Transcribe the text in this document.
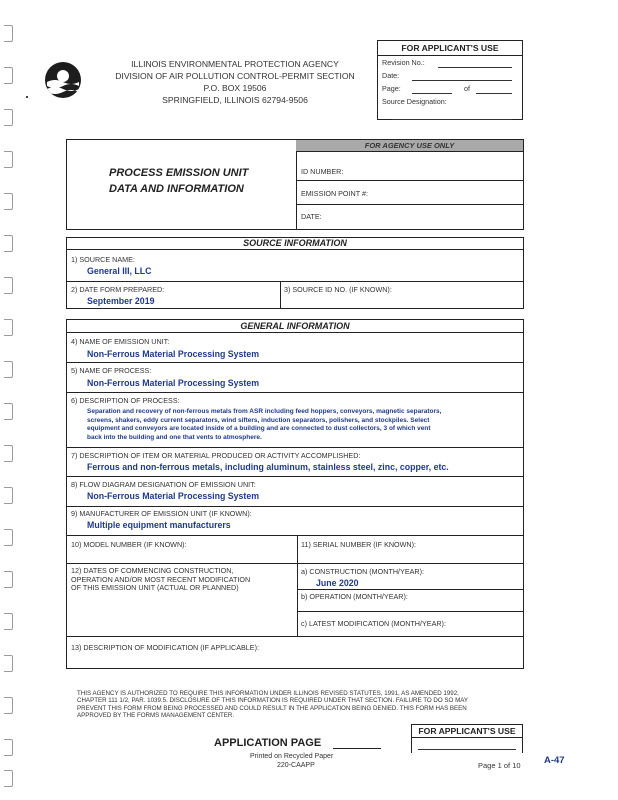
ILLINOIS ENVIRONMENTAL PROTECTION AGENCY
DIVISION OF AIR POLLUTION CONTROL-PERMIT SECTION
P.O. BOX 19506
SPRINGFIELD, ILLINOIS 62794-9506
FOR APPLICANT'S USE
Revision No.:
Date:
Page:	of
Source Designation:
PROCESS EMISSION UNIT
DATA AND INFORMATION
FOR AGENCY USE ONLY
ID NUMBER:
EMISSION POINT #:
DATE:
SOURCE INFORMATION
1) SOURCE NAME:
General III, LLC
2) DATE FORM PREPARED:
September 2019
3) SOURCE ID NO. (IF KNOWN):
GENERAL INFORMATION
4) NAME OF EMISSION UNIT:
Non-Ferrous Material Processing System
5) NAME OF PROCESS:
Non-Ferrous Material Processing System
6) DESCRIPTION OF PROCESS:
Separation and recovery of non-ferrous metals from ASR including feed hoppers, conveyors, magnetic separators,
screens, shakers, eddy current separators, wind sifters, induction separators, polishers, and stockpiles. Select
equipment and conveyors are located inside of a building and are connected to dust collectors, 3 of which vent
back into the building and one that vents to atmosphere.
7) DESCRIPTION OF ITEM OR MATERIAL PRODUCED OR ACTIVITY ACCOMPLISHED:
Ferrous and non-ferrous metals, including aluminum, stainless steel, zinc, copper, etc.
8) FLOW DIAGRAM DESIGNATION OF EMISSION UNIT:
Non-Ferrous Material Processing System
9) MANUFACTURER OF EMISSION UNIT (IF KNOWN):
Multiple equipment manufacturers
10) MODEL NUMBER (IF KNOWN):	11) SERIAL NUMBER (IF KNOWN):
12) DATES OF COMMENCING CONSTRUCTION,
OPERATION AND/OR MOST RECENT MODIFICATION
OF THIS EMISSION UNIT (ACTUAL OR PLANNED)
a) CONSTRUCTION (MONTH/YEAR):
June 2020
b) OPERATION (MONTH/YEAR):
c) LATEST MODIFICATION (MONTH/YEAR):
13) DESCRIPTION OF MODIFICATION (IF APPLICABLE):
THIS AGENCY IS AUTHORIZED TO REQUIRE THIS INFORMATION UNDER ILLINOIS REVISED STATUTES, 1991, AS AMENDED 1992,
CHAPTER 111 1/2, PAR. 1039.5. DISCLOSURE OF THIS INFORMATION IS REQUIRED UNDER THAT SECTION. FAILURE TO DO SO MAY
PREVENT THIS FORM FROM BEING PROCESSED AND COULD RESULT IN THE APPLICATION BEING DENIED. THIS FORM HAS BEEN
APPROVED BY THE FORMS MANAGEMENT CENTER.
FOR APPLICANT'S USE
APPLICATION PAGE
Printed on Recycled Paper
220-CAAPP	Page 1 of 10 A-47
